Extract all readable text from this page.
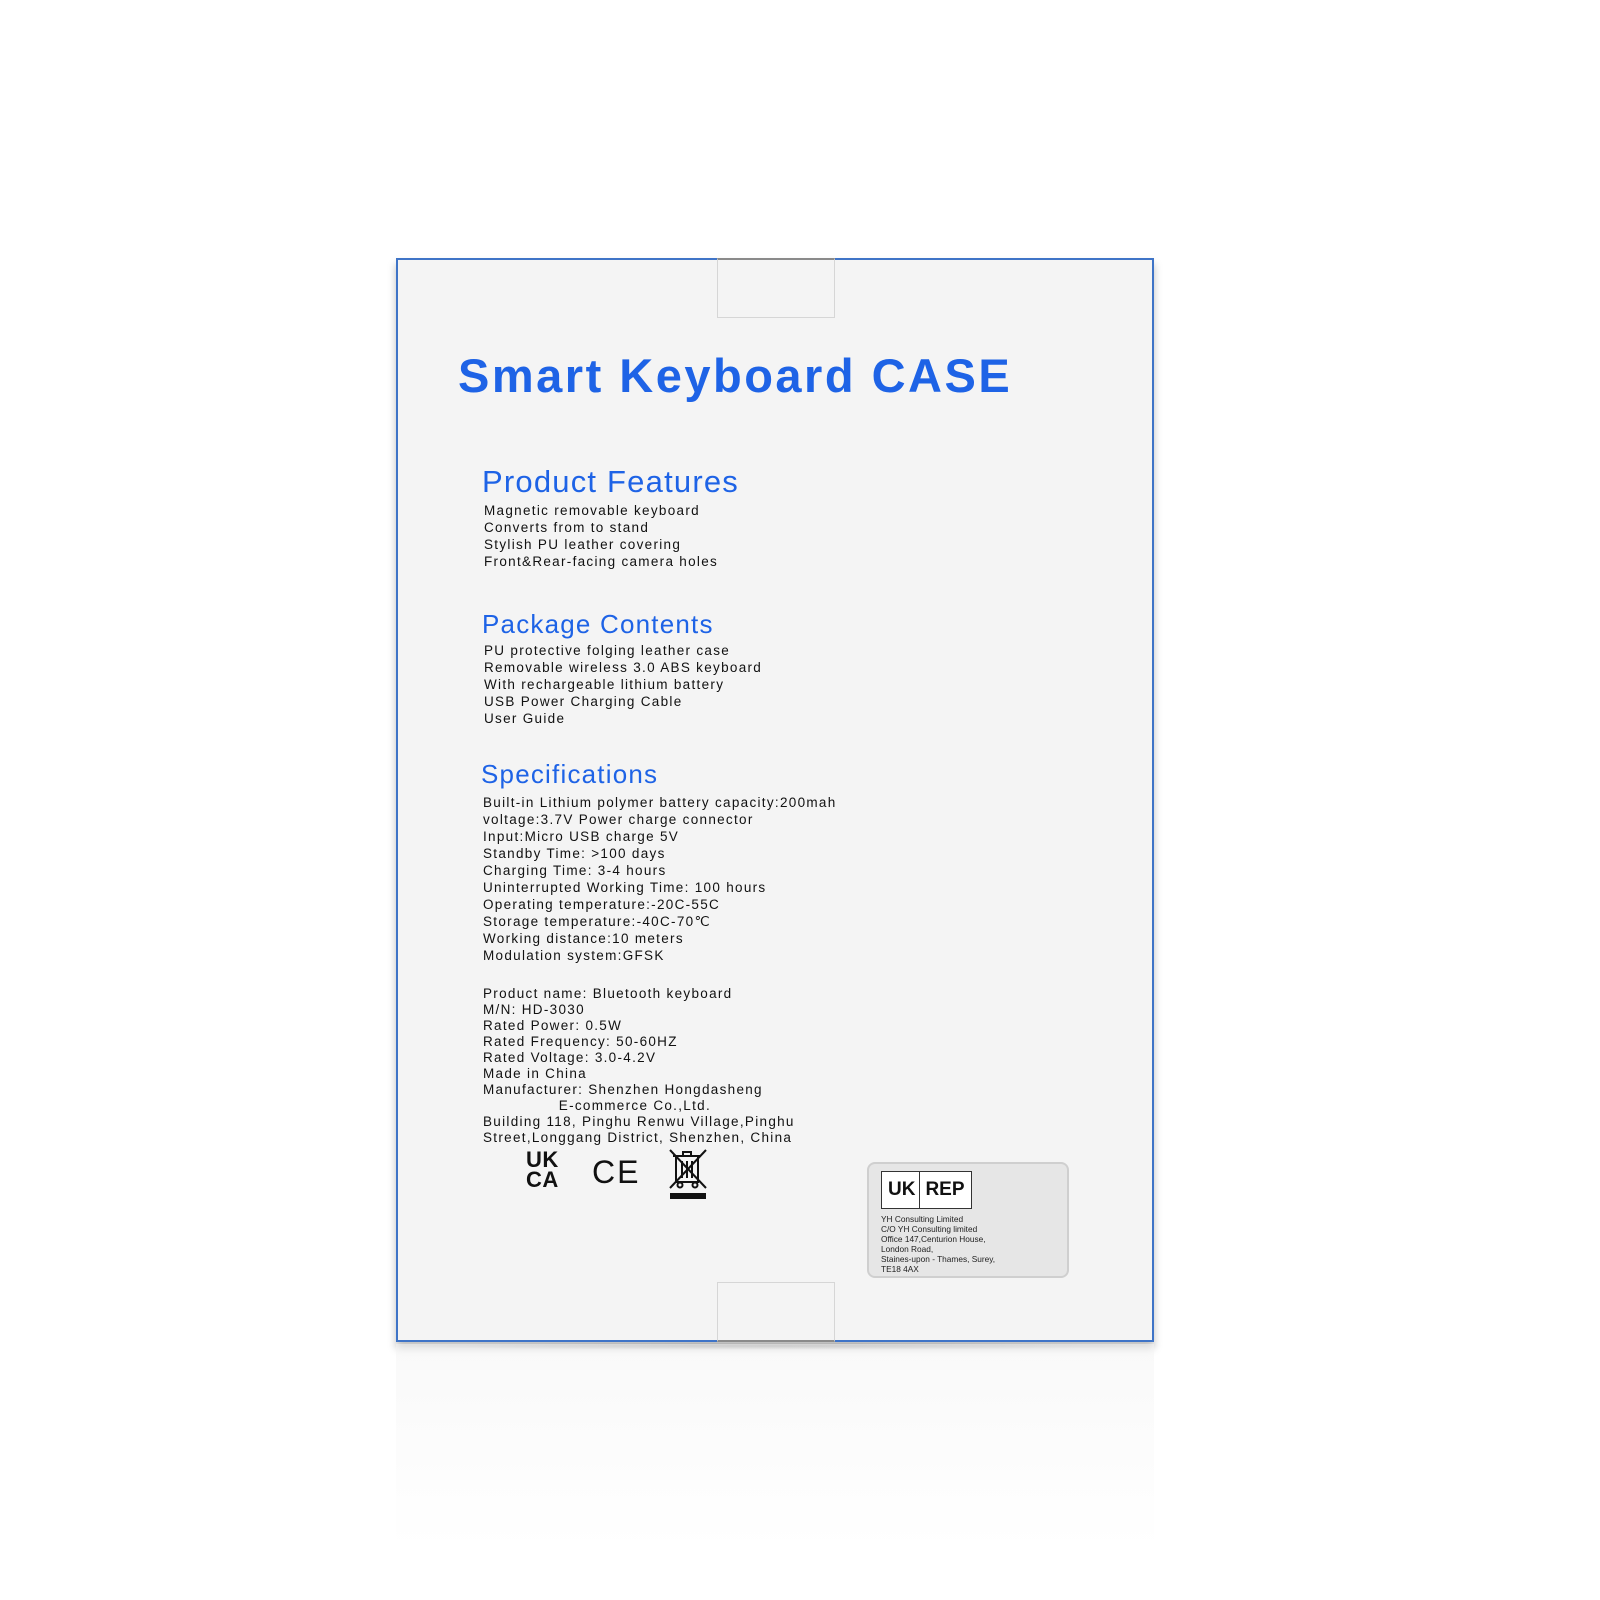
Smart Keyboard CASE
Product Features
Magnetic removable keyboard
Converts from to stand
Stylish PU leather covering
Front&Rear-facing camera holes
Package Contents
PU protective folging leather case
Removable wireless 3.0 ABS keyboard
With rechargeable lithium battery
USB Power Charging Cable
User Guide
Specifications
Built-in Lithium polymer battery capacity:200mah
voltage:3.7V Power charge connector
Input:Micro USB charge 5V
Standby Time: >100 days
Charging Time: 3-4 hours
Uninterrupted Working Time: 100 hours
Operating temperature:-20C-55C
Storage temperature:-40C-70℃
Working distance:10 meters
Modulation system:GFSK
Product name: Bluetooth keyboard
M/N: HD-3030
Rated Power: 0.5W
Rated Frequency: 50-60HZ
Rated Voltage: 3.0-4.2V
Made in China
Manufacturer: Shenzhen Hongdasheng
E-commerce Co.,Ltd.
Building 118, Pinghu Renwu Village,Pinghu
Street,Longgang District, Shenzhen, China
UK
CA CE	UK REP
YH Consulting Limited
C/O YH Consulting limited
Office 147,Centurion House,
London Road,
Staines-upon - Thames, Surey,
TE18 4AX
